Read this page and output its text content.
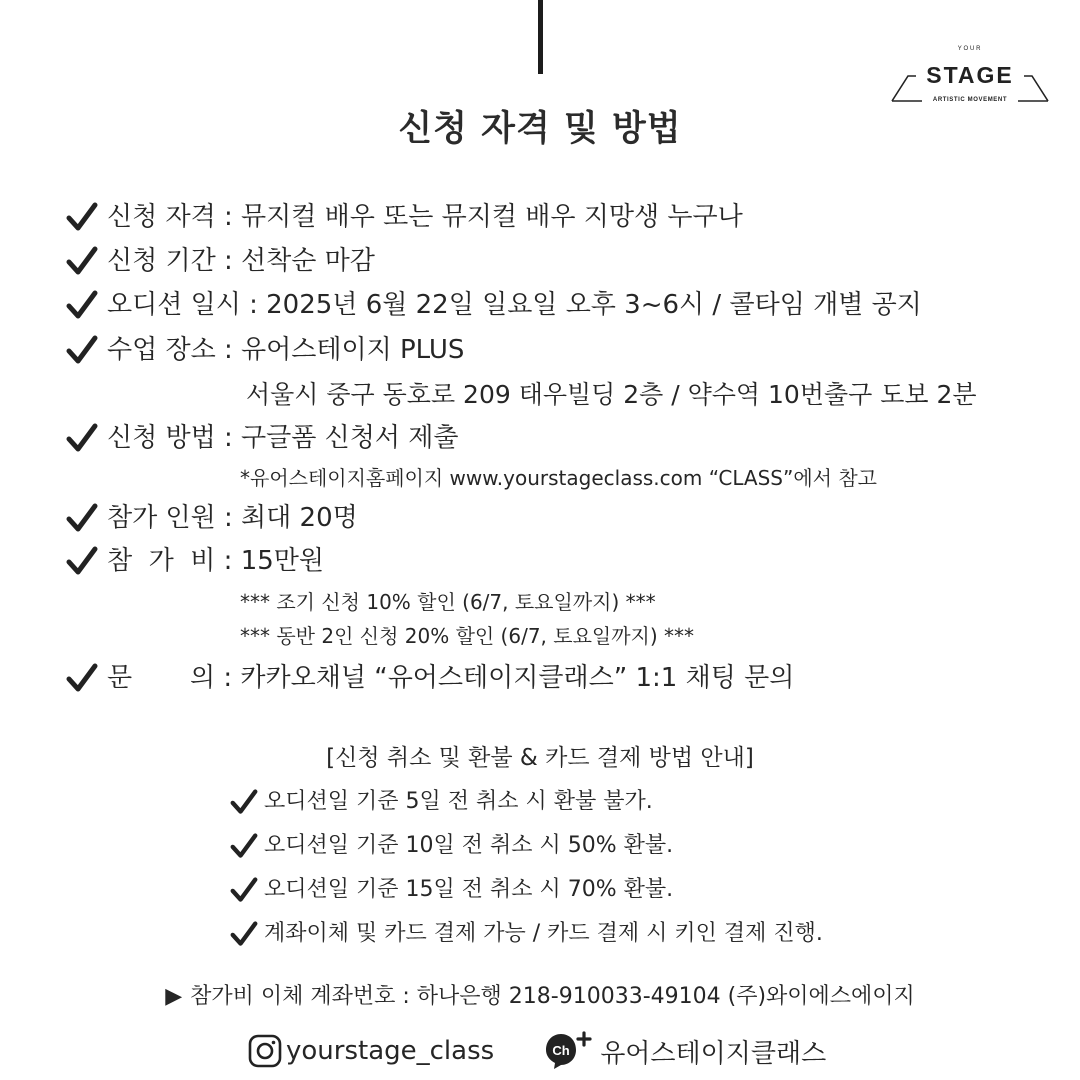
YOUR
STAGE
ARTISTIC MOVEMENT
신청 자격 및 방법
신청 자격 : 뮤지컬 배우 또는 뮤지컬 배우 지망생 누구나
신청 기간 : 선착순 마감
오디션 일시 : 2025년 6월 22일 일요일 오후 3~6시 / 콜타임 개별 공지
수업 장소 : 유어스테이지 PLUS
서울시 중구 동호로 209 태우빌딩 2층 / 약수역 10번출구 도보 2분
신청 방법 : 구글폼 신청서 제출
*유어스테이지홈페이지 www.yourstageclass.com “CLASS”에서 참고
참가 인원 : 최대 20명
참  가  비 : 15만원
*** 조기 신청 10% 할인 (6/7, 토요일까지) ***
*** 동반 2인 신청 20% 할인 (6/7, 토요일까지) ***
문       의 : 카카오채널 “유어스테이지클래스” 1:1 채팅 문의
[신청 취소 및 환불 & 카드 결제 방법 안내]
오디션일 기준 5일 전 취소 시 환불 불가.
오디션일 기준 10일 전 취소 시 50% 환불.
오디션일 기준 15일 전 취소 시 70% 환불.
계좌이체 및 카드 결제 가능 / 카드 결제 시 키인 결제 진행.
▶ 참가비 이체 계좌번호 : 하나은행 218-910033-49104 (주)와이에스에이지
yourstage_class	Ch 유어스테이지클래스
